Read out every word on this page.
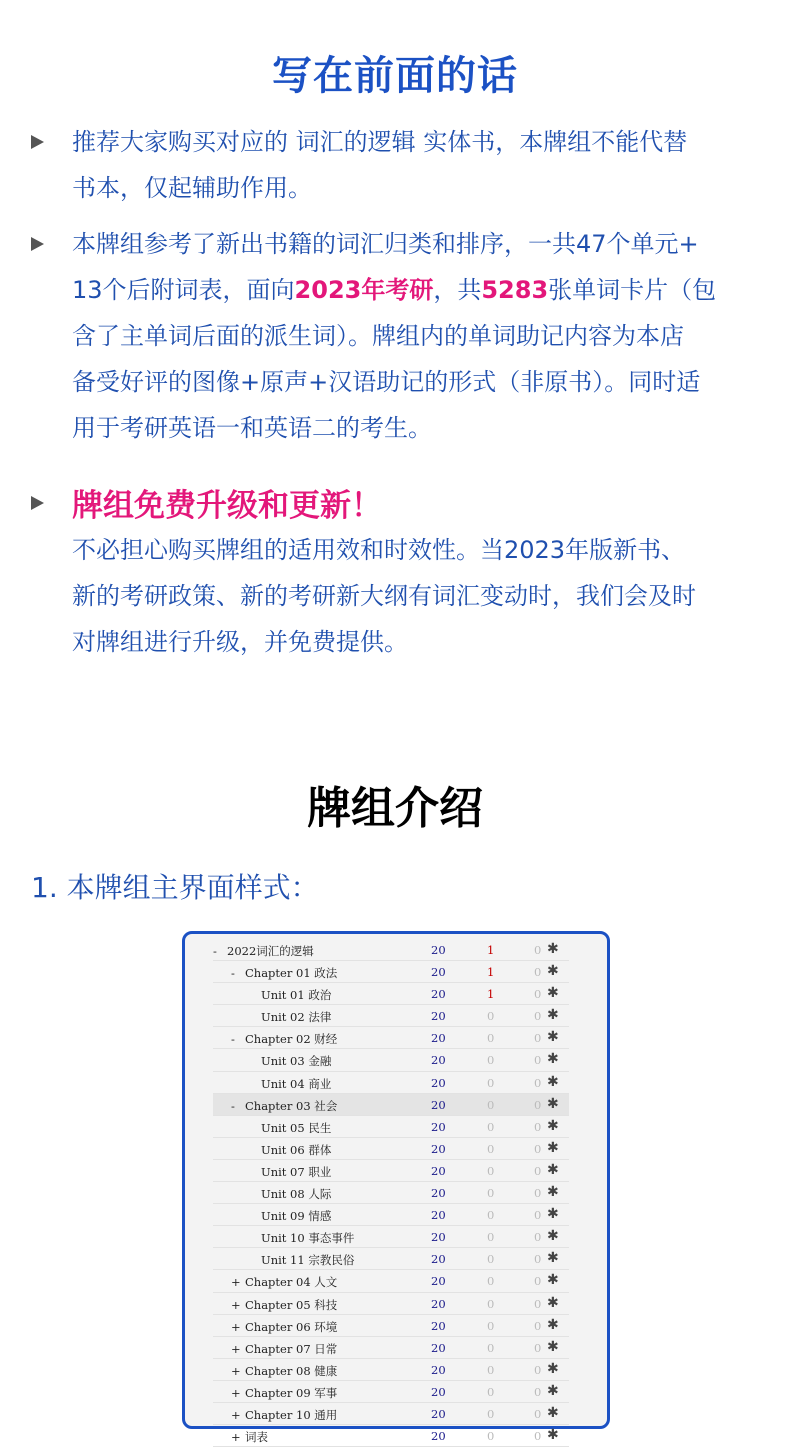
写在前面的话
推荐大家购买对应的 词汇的逻辑 实体书，本牌组不能代替
书本，仅起辅助作用。
本牌组参考了新出书籍的词汇归类和排序，一共47个单元+
13个后附词表，面向2023年考研，共5283张单词卡片（包
含了主单词后面的派生词）。牌组内的单词助记内容为本店
备受好评的图像+原声+汉语助记的形式（非原书）。同时适
用于考研英语一和英语二的考生。
牌组免费升级和更新！
不必担心购买牌组的适用效和时效性。当2023年版新书、
新的考研政策、新的考研新大纲有词汇变动时，我们会及时
对牌组进行升级，并免费提供。
牌组介绍
1. 本牌组主界面样式：
- 2022词汇的逻辑	20	1	0 ✱
- Chapter 01 政法	20	1	0 ✱
Unit 01 政治	20	1	0 ✱
Unit 02 法律	20	0	0 ✱
- Chapter 02 财经	20	0	0 ✱
Unit 03 金融	20	0	0 ✱
Unit 04 商业	20	0	0 ✱
- Chapter 03 社会	20	0	0 ✱
Unit 05 民生	20	0	0 ✱
Unit 06 群体	20	0	0 ✱
Unit 07 职业	20	0	0 ✱
Unit 08 人际	20	0	0 ✱
Unit 09 情感	20	0	0 ✱
Unit 10 事态事件	20	0	0 ✱
Unit 11 宗教民俗	20	0	0 ✱
+ Chapter 04 人文	20	0	0 ✱
+ Chapter 05 科技	20	0	0 ✱
+ Chapter 06 环境	20	0	0 ✱
+ Chapter 07 日常	20	0	0 ✱
+ Chapter 08 健康	20	0	0 ✱
+ Chapter 09 军事	20	0	0 ✱
+ Chapter 10 通用	20	0	0 ✱
+ 词表	20	0	0 ✱
